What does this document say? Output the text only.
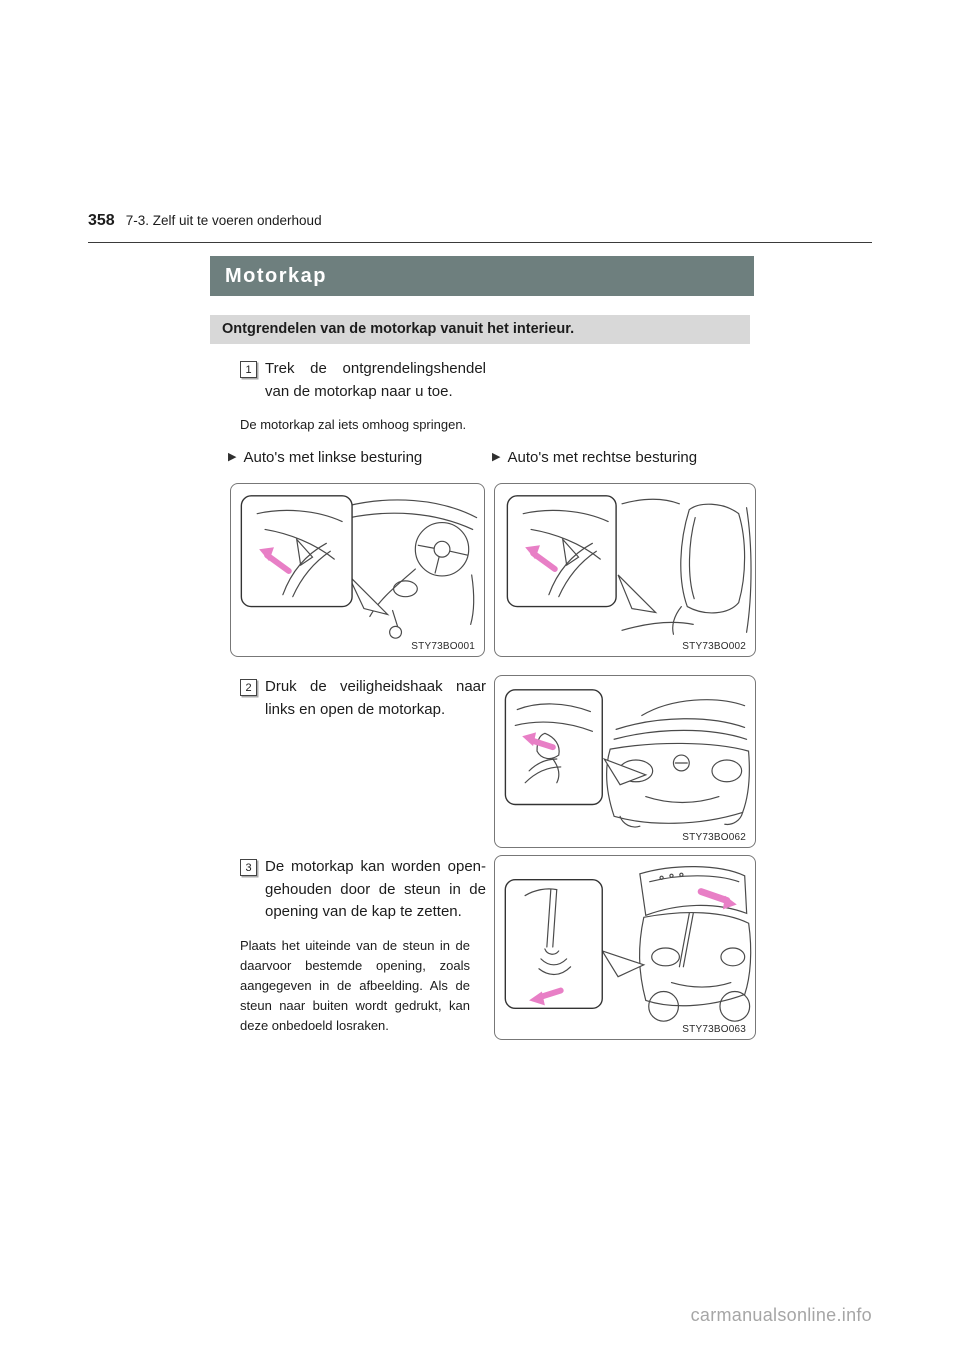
358 7-3. Zelf uit te voeren onderhoud
Motorkap
Ontgrendelen van de motorkap vanuit het interieur.
1 Trek de ontgrendelingshendel van de motorkap naar u toe.

De motorkap zal iets omhoog springen.

▶ Auto's met linkse besturing	▶ Auto's met rechtse besturing
STY73BO001	STY73BO002
2 Druk de veiligheidshaak naar links en open de motorkap.

STY73BO062
3 De motorkap kan worden opengehouden door de steun in de opening van de kap te zetten.

Plaats het uiteinde van de steun in de daarvoor bestemde opening, zoals aangegeven in de afbeelding. Als de steun naar buiten wordt gedrukt, kan deze onbedoeld losraken.	STY73BO063
carmanualsonline.info
